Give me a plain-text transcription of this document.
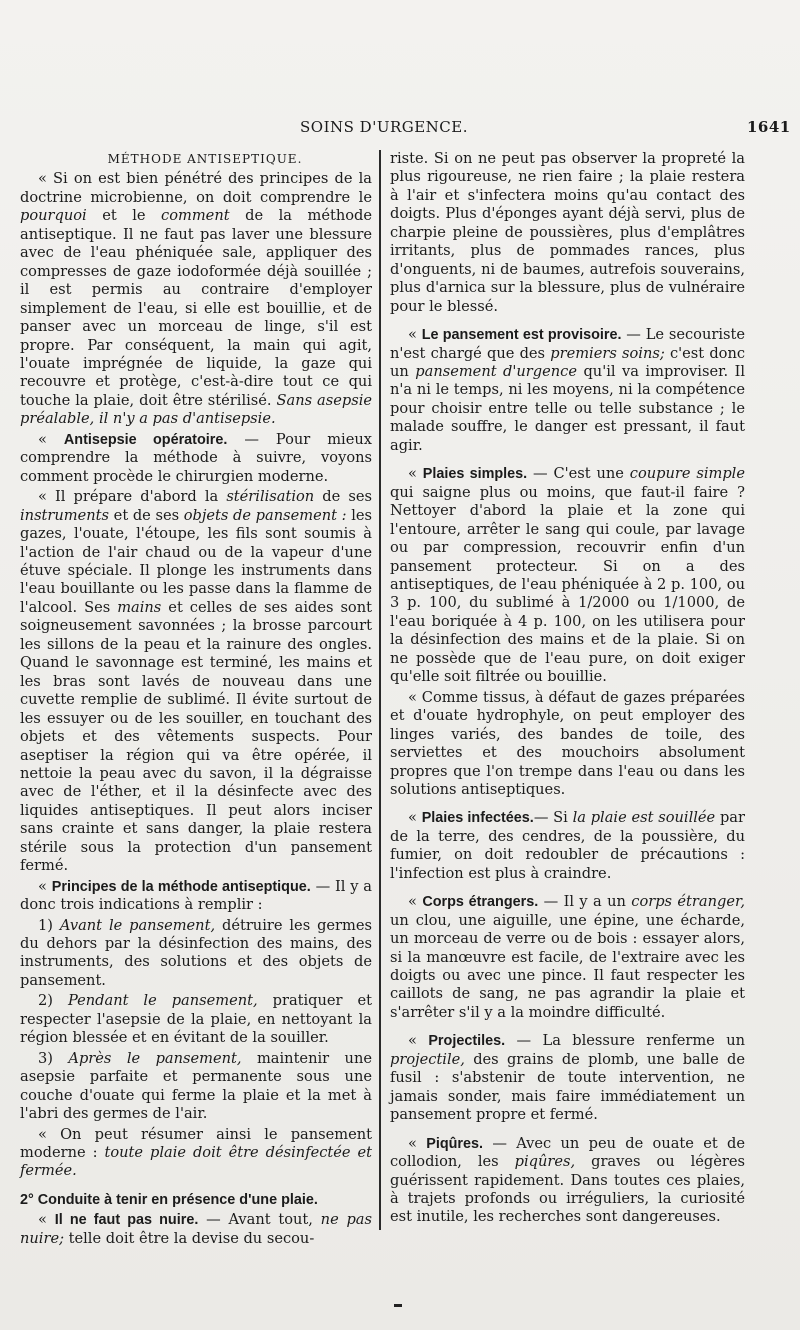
SOINS D'URGENCE.	1641

MÉTHODE ANTISEPTIQUE.

« Si on est bien pénétré des principes de la doctrine microbienne, on doit comprendre le pourquoi et le comment de la méthode antiseptique. Il ne faut pas laver une blessure avec de l'eau phéniquée sale, appliquer des compresses de gaze iodoformée déjà souillée ; il est permis au contraire d'employer simplement de l'eau, si elle est bouillie, et de panser avec un morceau de linge, s'il est propre. Par conséquent, la main qui agit, l'ouate imprégnée de liquide, la gaze qui recouvre et protège, c'est-à-dire tout ce qui touche la plaie, doit être stérilisé. Sans asepsie préalable, il n'y a pas d'antisepsie.

« Antisepsie opératoire. — Pour mieux comprendre la méthode à suivre, voyons comment procède le chirurgien moderne.

« Il prépare d'abord la stérilisation de ses instruments et de ses objets de pansement : les gazes, l'ouate, l'étoupe, les fils sont soumis à l'action de l'air chaud ou de la vapeur d'une étuve spéciale. Il plonge les instruments dans l'eau bouillante ou les passe dans la flamme de l'alcool. Ses mains et celles de ses aides sont soigneusement savonnées ; la brosse parcourt les sillons de la peau et la rainure des ongles. Quand le savonnage est terminé, les mains et les bras sont lavés de nouveau dans une cuvette remplie de sublimé. Il évite surtout de les essuyer ou de les souiller, en touchant des objets et des vêtements suspects. Pour aseptiser la région qui va être opérée, il nettoie la peau avec du savon, il la dégraisse avec de l'éther, et il la désinfecte avec des liquides antiseptiques. Il peut alors inciser sans crainte et sans danger, la plaie restera stérile sous la protection d'un pansement fermé.

« Principes de la méthode antiseptique. — Il y a donc trois indications à remplir :

1) Avant le pansement, détruire les germes du dehors par la désinfection des mains, des instruments, des solutions et des objets de pansement.

2) Pendant le pansement, pratiquer et respecter l'asepsie de la plaie, en nettoyant la région blessée et en évitant de la souiller.

3) Après le pansement, maintenir une asepsie parfaite et permanente sous une couche d'ouate qui ferme la plaie et la met à l'abri des germes de l'air.

« On peut résumer ainsi le pansement moderne : toute plaie doit être désinfectée et fermée.

2° Conduite à tenir en présence d'une plaie.

« Il ne faut pas nuire. — Avant tout, ne pas nuire; telle doit être la devise du secou-

riste. Si on ne peut pas observer la propreté la plus rigoureuse, ne rien faire ; la plaie restera à l'air et s'infectera moins qu'au contact des doigts. Plus d'éponges ayant déjà servi, plus de charpie pleine de poussières, plus d'emplâtres irritants, plus de pommades rances, plus d'onguents, ni de baumes, autrefois souverains, plus d'arnica sur la blessure, plus de vulnéraire pour le blessé.

« Le pansement est provisoire. — Le secouriste n'est chargé que des premiers soins; c'est donc un pansement d'urgence qu'il va improviser. Il n'a ni le temps, ni les moyens, ni la compétence pour choisir entre telle ou telle substance ; le malade souffre, le danger est pressant, il faut agir.

« Plaies simples. — C'est une coupure simple qui saigne plus ou moins, que faut-il faire ? Nettoyer d'abord la plaie et la zone qui l'entoure, arrêter le sang qui coule, par lavage ou par compression, recouvrir enfin d'un pansement protecteur. Si on a des antiseptiques, de l'eau phéniquée à 2 p. 100, ou 3 p. 100, du sublimé à 1/2000 ou 1/1000, de l'eau boriquée à 4 p. 100, on les utilisera pour la désinfection des mains et de la plaie. Si on ne possède que de l'eau pure, on doit exiger qu'elle soit filtrée ou bouillie.

« Comme tissus, à défaut de gazes préparées et d'ouate hydrophyle, on peut employer des linges variés, des bandes de toile, des serviettes et des mouchoirs absolument propres que l'on trempe dans l'eau ou dans les solutions antiseptiques.

« Plaies infectées.— Si la plaie est souillée par de la terre, des cendres, de la poussière, du fumier, on doit redoubler de précautions : l'infection est plus à craindre.

« Corps étrangers. — Il y a un corps étranger, un clou, une aiguille, une épine, une écharde, un morceau de verre ou de bois : essayer alors, si la manœuvre est facile, de l'extraire avec les doigts ou avec une pince. Il faut respecter les caillots de sang, ne pas agrandir la plaie et s'arrêter s'il y a la moindre difficulté.

« Projectiles. — La blessure renferme un projectile, des grains de plomb, une balle de fusil : s'abstenir de toute intervention, ne jamais sonder, mais faire immédiatement un pansement propre et fermé.

« Piqûres. — Avec un peu de ouate et de collodion, les piqûres, graves ou légères guérissent rapidement. Dans toutes ces plaies, à trajets profonds ou irréguliers, la curiosité est inutile, les recherches sont dangereuses.
